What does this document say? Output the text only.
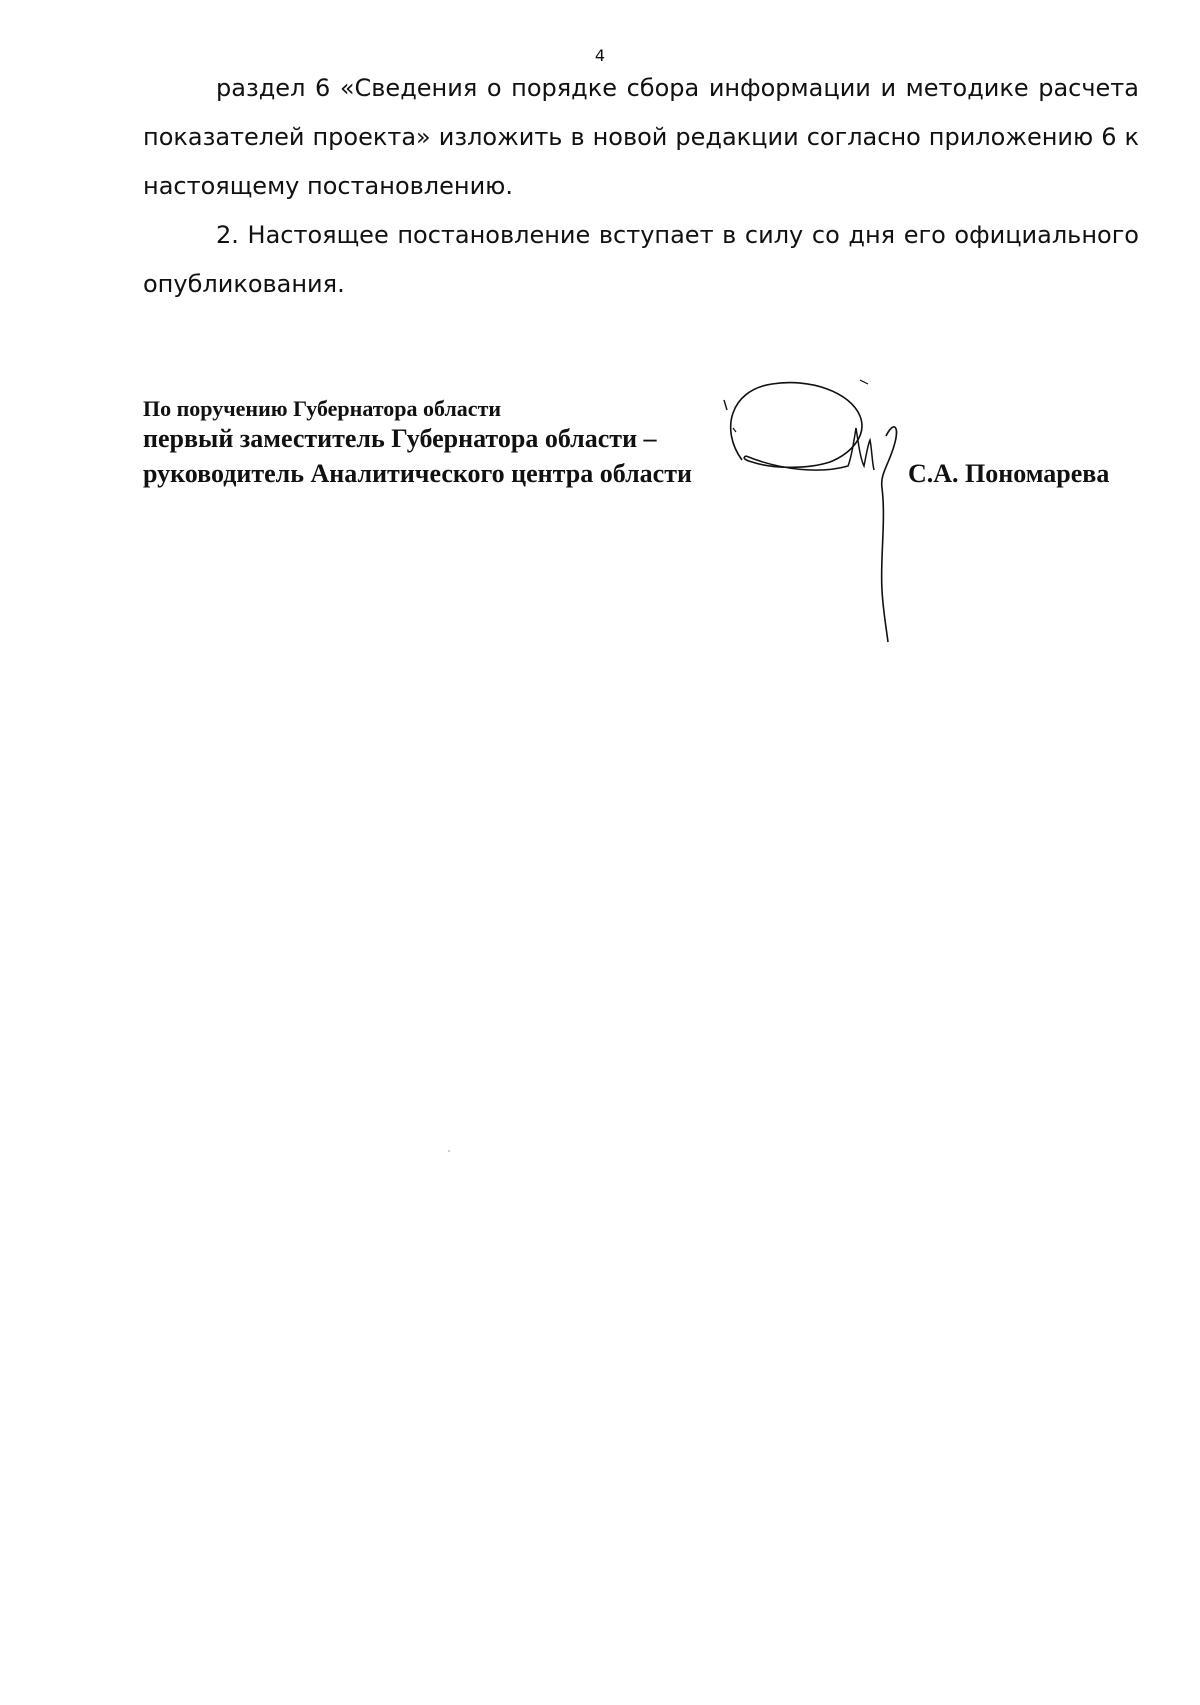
4

раздел 6 «Сведения о порядке сбора информации и методике расчета показателей проекта» изложить в новой редакции согласно приложению 6 к настоящему постановлению.

2. Настоящее постановление вступает в силу со дня его официального опубликования.

По поручению Губернатора области
первый заместитель Губернатора области –
руководитель Аналитического центра области	С.А. Пономарева
